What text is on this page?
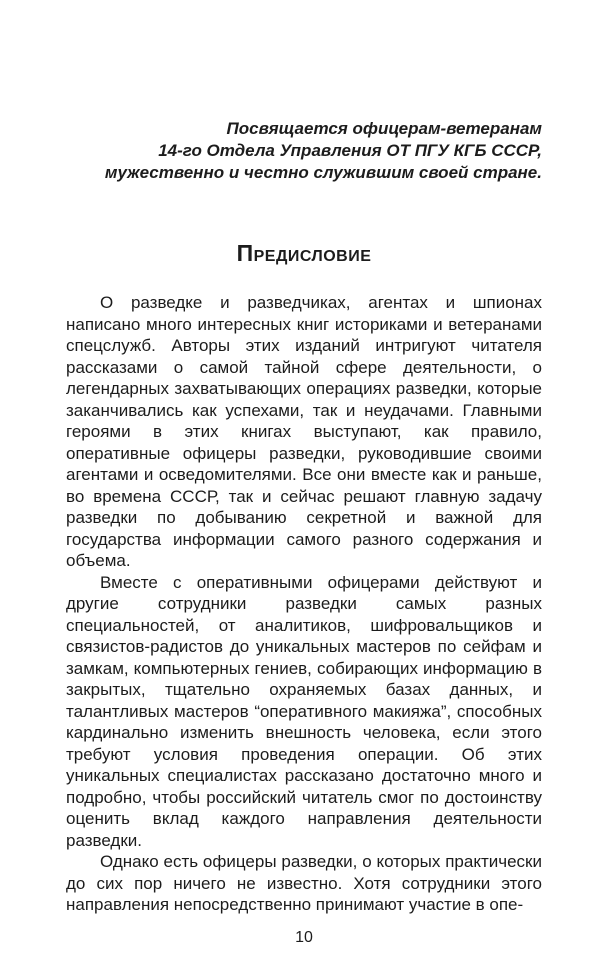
Посвящается офицерам-ветеранам
14-го Отдела Управления ОТ ПГУ КГБ СССР,
мужественно и честно служившим своей стране.
Предисловие

О разведке и разведчиках, агентах и шпионах написано много интересных книг историками и ветеранами спецслужб. Авторы этих изданий интригуют читателя рассказами о самой тайной сфере деятельности, о легендарных захватывающих операциях разведки, которые заканчивались как успехами, так и неудачами. Главными героями в этих книгах выступают, как правило, оперативные офицеры разведки, руководившие своими агентами и осведомителями. Все они вместе как и раньше, во времена СССР, так и сейчас решают главную задачу разведки по добыванию секретной и важной для государства информации самого разного содержания и объема.

Вместе с оперативными офицерами действуют и другие сотрудники разведки самых разных специальностей, от аналитиков, шифровальщиков и связистов-радистов до уникальных мастеров по сейфам и замкам, компьютерных гениев, собирающих информацию в закрытых, тщательно охраняемых базах данных, и талантливых мастеров “оперативного макияжа”, способных кардинально изменить внешность человека, если этого требуют условия проведения операции. Об этих уникальных специалистах рассказано достаточно много и подробно, чтобы российский читатель смог по достоинству оценить вклад каждого направления деятельности разведки.

Однако есть офицеры разведки, о которых практически до сих пор ничего не известно. Хотя сотрудники этого направления непосредственно принимают участие в опе-

10
